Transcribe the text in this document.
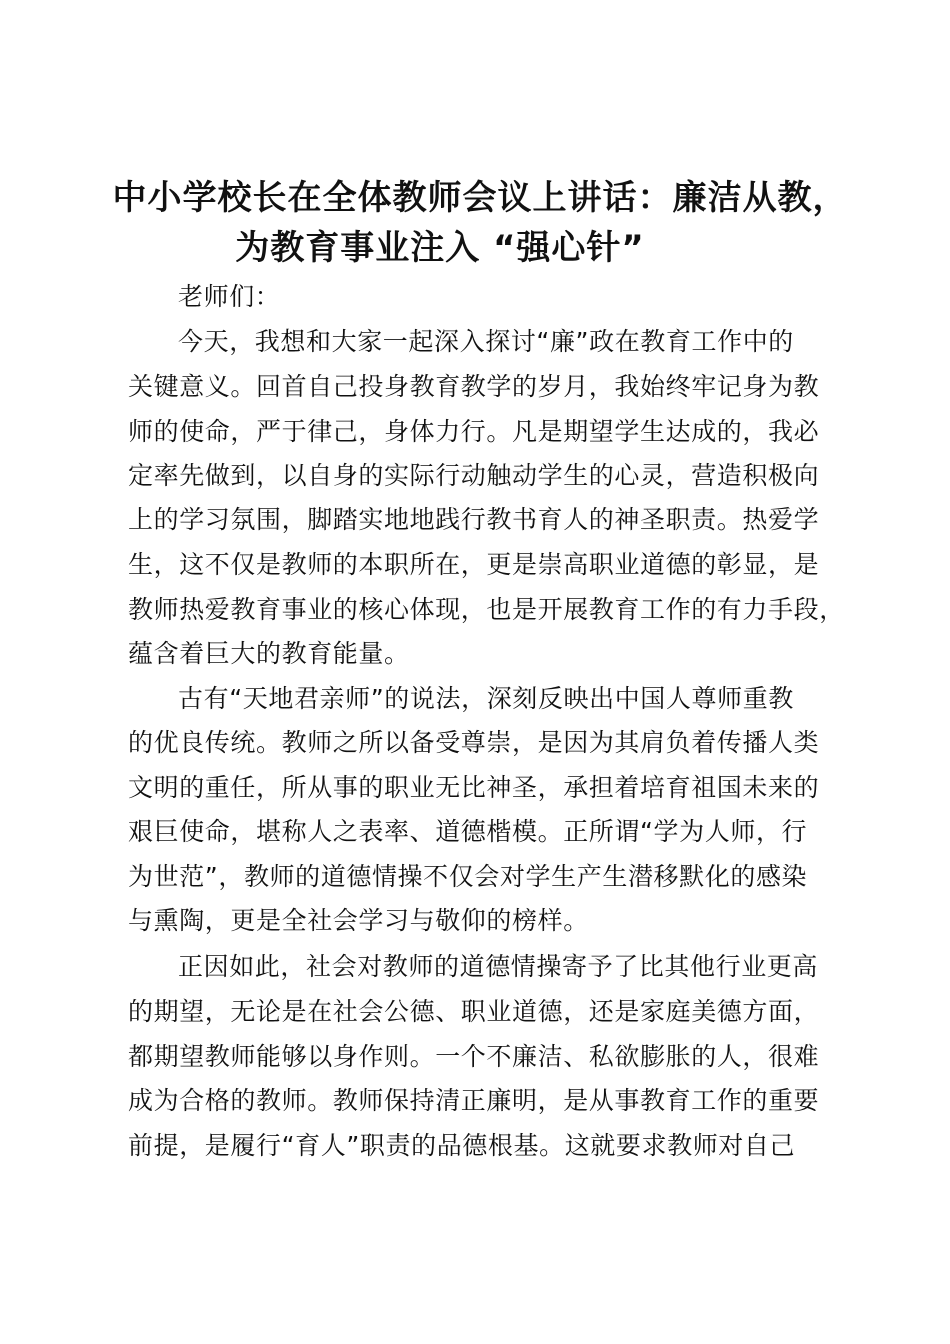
中小学校长在全体教师会议上讲话：廉洁从教，
为教育事业注入 “强心针”
老师们：
今天，我想和大家一起深入探讨“廉”政在教育工作中的
关键意义。回首自己投身教育教学的岁月，我始终牢记身为教
师的使命，严于律己，身体力行。凡是期望学生达成的，我必
定率先做到，以自身的实际行动触动学生的心灵，营造积极向
上的学习氛围，脚踏实地地践行教书育人的神圣职责。热爱学
生，这不仅是教师的本职所在，更是崇高职业道德的彰显，是
教师热爱教育事业的核心体现，也是开展教育工作的有力手段，
蕴含着巨大的教育能量。
古有“天地君亲师”的说法，深刻反映出中国人尊师重教
的优良传统。教师之所以备受尊崇，是因为其肩负着传播人类
文明的重任，所从事的职业无比神圣，承担着培育祖国未来的
艰巨使命，堪称人之表率、道德楷模。正所谓“学为人师，行
为世范”，教师的道德情操不仅会对学生产生潜移默化的感染
与熏陶，更是全社会学习与敬仰的榜样。
正因如此，社会对教师的道德情操寄予了比其他行业更高
的期望，无论是在社会公德、职业道德，还是家庭美德方面，
都期望教师能够以身作则。一个不廉洁、私欲膨胀的人，很难
成为合格的教师。教师保持清正廉明，是从事教育工作的重要
前提，是履行“育人”职责的品德根基。这就要求教师对自己
